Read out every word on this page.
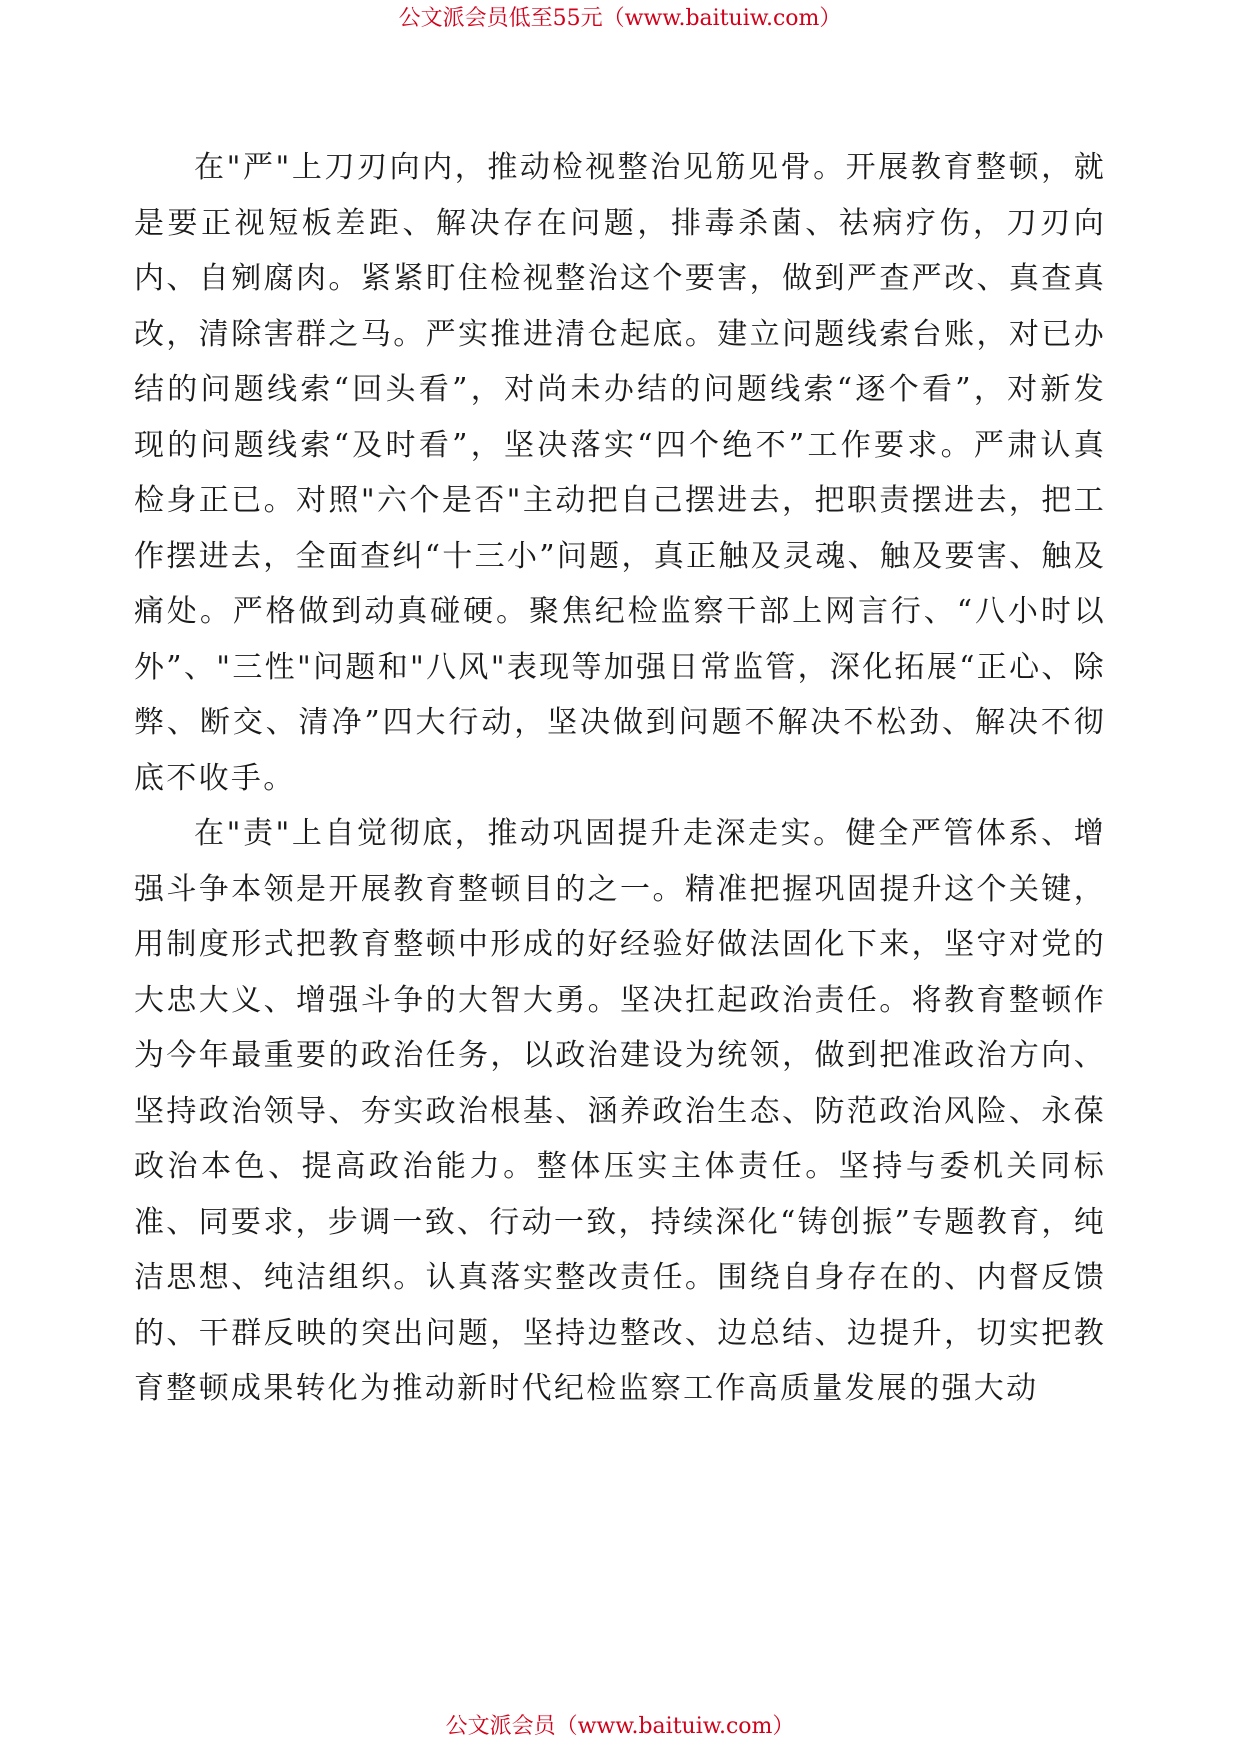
公文派会员低至55元（www.baituiw.com）

在"严"上刀刃向内，推动检视整治见筋见骨。开展教育整顿，就是要正视短板差距、解决存在问题，排毒杀菌、祛病疗伤，刀刃向内、自剜腐肉。紧紧盯住检视整治这个要害，做到严查严改、真查真改，清除害群之马。严实推进清仓起底。建立问题线索台账，对已办结的问题线索“回头看”，对尚未办结的问题线索“逐个看”，对新发现的问题线索“及时看”，坚决落实“四个绝不”工作要求。严肃认真检身正已。对照"六个是否"主动把自己摆进去，把职责摆进去，把工作摆进去，全面查纠“十三小”问题，真正触及灵魂、触及要害、触及痛处。严格做到动真碰硬。聚焦纪检监察干部上网言行、“八小时以外”、"三性"问题和"八风"表现等加强日常监管，深化拓展“正心、除弊、断交、清净”四大行动，坚决做到问题不解决不松劲、解决不彻底不收手。

在"责"上自觉彻底，推动巩固提升走深走实。健全严管体系、增强斗争本领是开展教育整顿目的之一。精准把握巩固提升这个关键，用制度形式把教育整顿中形成的好经验好做法固化下来，坚守对党的大忠大义、增强斗争的大智大勇。坚决扛起政治责任。将教育整顿作为今年最重要的政治任务，以政治建设为统领，做到把准政治方向、坚持政治领导、夯实政治根基、涵养政治生态、防范政治风险、永葆政治本色、提高政治能力。整体压实主体责任。坚持与委机关同标准、同要求，步调一致、行动一致，持续深化“铸创振”专题教育，纯洁思想、纯洁组织。认真落实整改责任。围绕自身存在的、内督反馈的、干群反映的突出问题，坚持边整改、边总结、边提升，切实把教育整顿成果转化为推动新时代纪检监察工作高质量发展的强大动

公文派会员（www.baituiw.com）
